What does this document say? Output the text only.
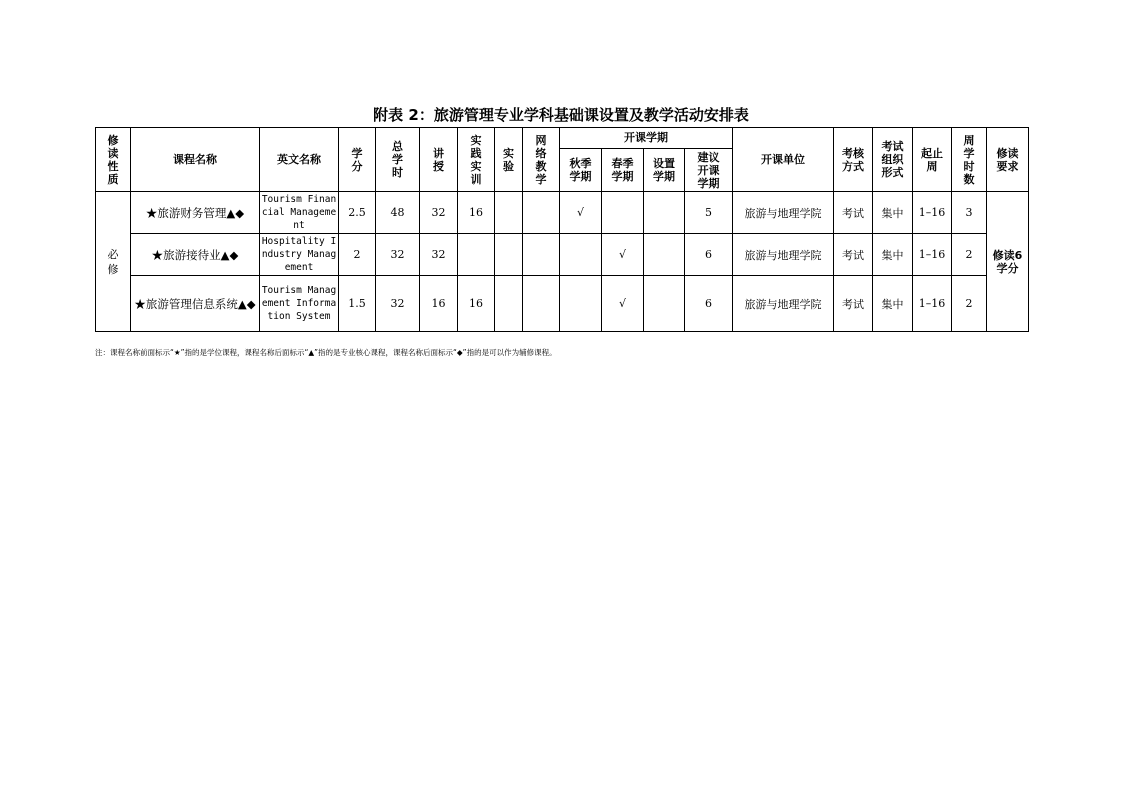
附表 2：旅游管理专业学科基础课设置及教学活动安排表
修读性质	课程名称	英文名称	学分	总学时	讲授	实践实训	实验	网络教学	开课学期				开课单位	考核方式	考试组织形式	起止周	周学时数	修读要求

									秋季学期	春季学期	设置学期	建议开课学期						

必修	★旅游财务管理▲◆	Tourism Financial Management	2.5	48	32	16			√			5	旅游与地理学院	考试	集中	1–16	3	修读6学分

	★旅游接待业▲◆	Hospitality Industry Management	2	32	32					√		6	旅游与地理学院	考试	集中	1–16	2	
	★旅游管理信息系统▲◆	Tourism Management Information System	1.5	32	16	16				√		6	旅游与地理学院	考试	集中	1–16	2	
注：课程名称前面标示“★”指的是学位课程，课程名称后面标示“▲”指的是专业核心课程，课程名称后面标示“◆”指的是可以作为辅修课程。
